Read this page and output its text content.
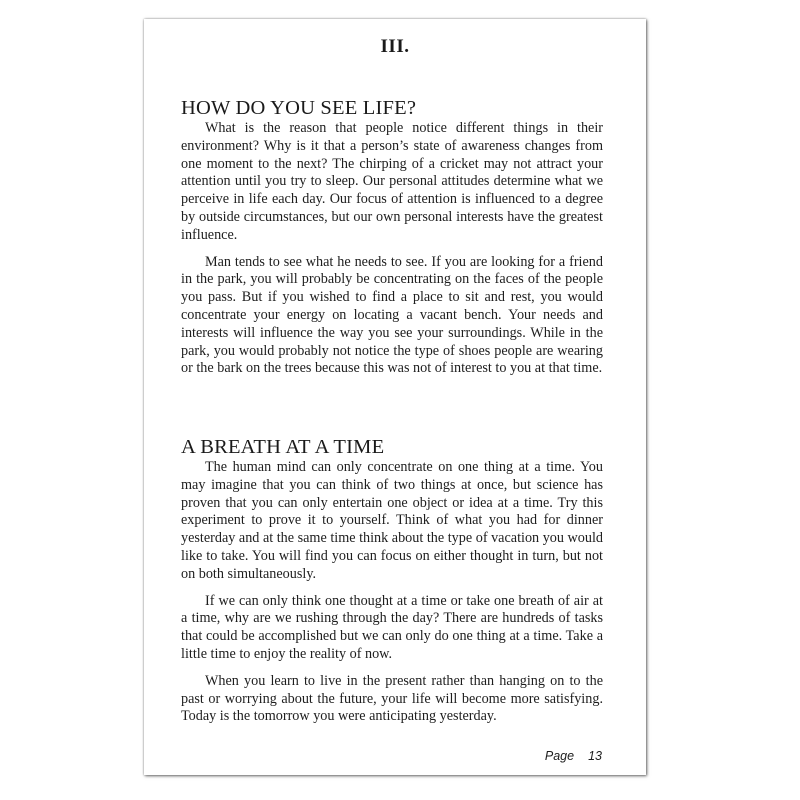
III.
HOW DO YOU SEE LIFE?

What is the reason that people notice different things in their environment? Why is it that a person’s state of awareness changes from one moment to the next? The chirping of a cricket may not attract your attention until you try to sleep. Our personal attitudes determine what we perceive in life each day. Our focus of attention is influenced to a degree by outside circumstances, but our own personal interests have the greatest influence.

Man tends to see what he needs to see. If you are looking for a friend in the park, you will probably be concentrating on the faces of the people you pass. But if you wished to find a place to sit and rest, you would concentrate your energy on locating a vacant bench. Your needs and interests will influence the way you see your surroundings. While in the park, you would probably not notice the type of shoes people are wearing or the bark on the trees because this was not of interest to you at that time.

A BREATH AT A TIME

The human mind can only concentrate on one thing at a time. You may imagine that you can think of two things at once, but science has proven that you can only entertain one object or idea at a time. Try this experiment to prove it to yourself. Think of what you had for dinner yesterday and at the same time think about the type of vacation you would like to take. You will find you can focus on either thought in turn, but not on both simultaneously.

If we can only think one thought at a time or take one breath of air at a time, why are we rushing through the day? There are hundreds of tasks that could be accomplished but we can only do one thing at a time. Take a little time to enjoy the reality of now.

When you learn to live in the present rather than hanging on to the past or worrying about the future, your life will become more satisfying. Today is the tomorrow you were anticipating yesterday.

Page 13
